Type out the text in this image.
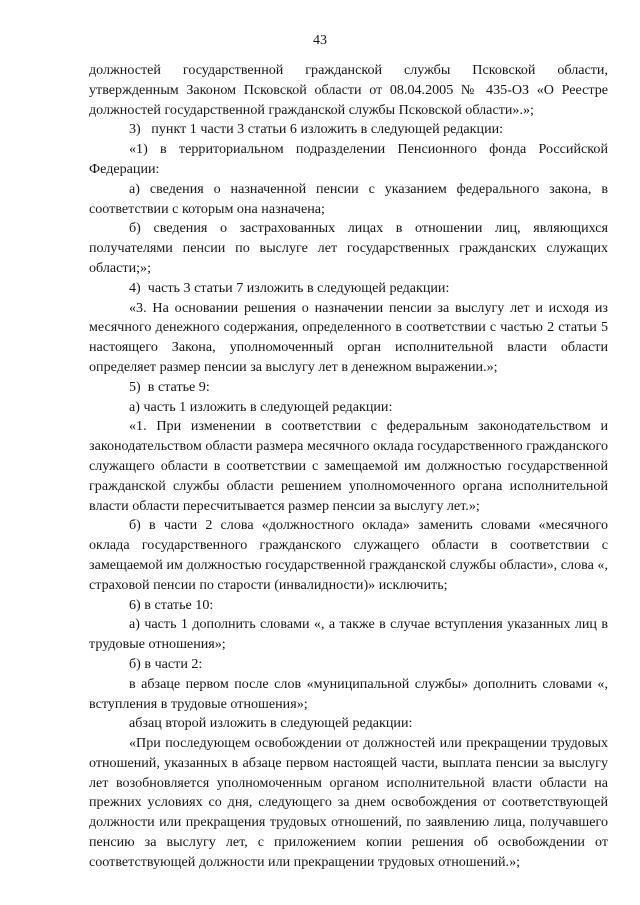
43

должностей государственной гражданской службы Псковской области, утвержденным Законом Псковской области от 08.04.2005 № 435-ОЗ «О Реестре должностей государственной гражданской службы Псковской области».»;

3)   пункт 1 части 3 статьи 6 изложить в следующей редакции:

«1) в территориальном подразделении Пенсионного фонда Российской Федерации:

а) сведения о назначенной пенсии с указанием федерального закона, в соответствии с которым она назначена;

б) сведения о застрахованных лицах в отношении лиц, являющихся получателями пенсии по выслуге лет государственных гражданских служащих области;»;

4)  часть 3 статьи 7 изложить в следующей редакции:

«3. На основании решения о назначении пенсии за выслугу лет и исходя из месячного денежного содержания, определенного в соответствии с частью 2 статьи 5 настоящего Закона, уполномоченный орган исполнительной власти области определяет размер пенсии за выслугу лет в денежном выражении.»;

5)  в статье 9:

а) часть 1 изложить в следующей редакции:

«1. При изменении в соответствии с федеральным законодательством и законодательством области размера месячного оклада государственного гражданского служащего области в соответствии с замещаемой им должностью государственной гражданской службы области решением уполномоченного органа исполнительной власти области пересчитывается размер пенсии за выслугу лет.»;

б) в части 2 слова «должностного оклада» заменить словами «месячного оклада государственного гражданского служащего области в соответствии с замещаемой им должностью государственной гражданской службы области», слова «, страховой пенсии по старости (инвалидности)» исключить;

6) в статье 10:

а) часть 1 дополнить словами «, а также в случае вступления указанных лиц в трудовые отношения»;

б) в части 2:

в абзаце первом после слов «муниципальной службы» дополнить словами «, вступления в трудовые отношения»;

абзац второй изложить в следующей редакции:

«При последующем освобождении от должностей или прекращении трудовых отношений, указанных в абзаце первом настоящей части, выплата пенсии за выслугу лет возобновляется уполномоченным органом исполнительной власти области на прежних условиях со дня, следующего за днем освобождения от соответствующей должности или прекращения трудовых отношений, по заявлению лица, получавшего пенсию за выслугу лет, с приложением копии решения об освобождении от соответствующей должности или прекращении трудовых отношений.»;
